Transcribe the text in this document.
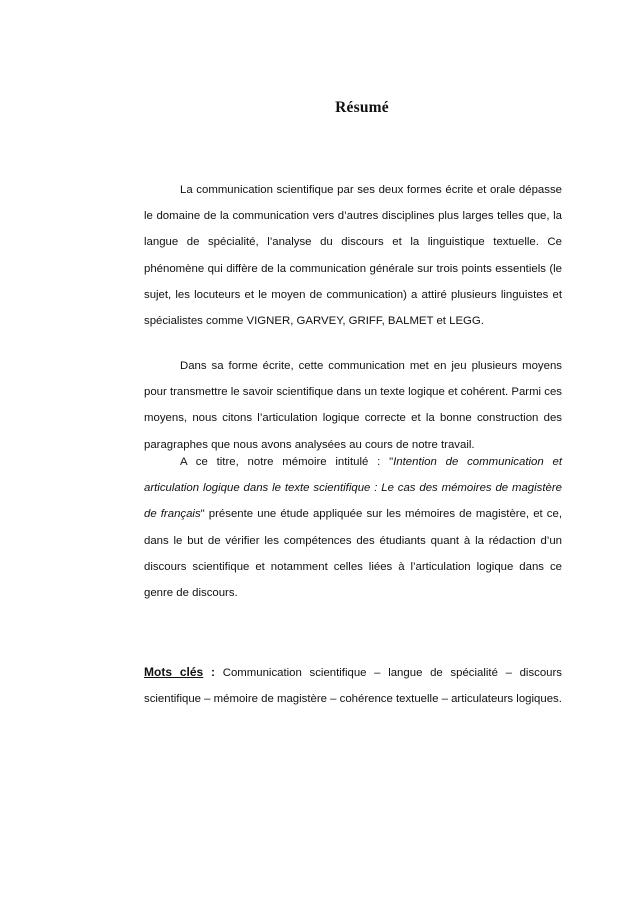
Résumé

La communication scientifique par ses deux formes écrite et orale dépasse le domaine de la communication vers d’autres disciplines plus larges telles que, la langue de spécialité, l’analyse du discours et la linguistique textuelle. Ce phénomène qui diffère de la communication générale sur trois points essentiels (le sujet, les locuteurs et le moyen de communication) a attiré plusieurs linguistes et spécialistes comme VIGNER, GARVEY, GRIFF, BALMET et LEGG.

Dans sa forme écrite, cette communication met en jeu plusieurs moyens pour transmettre le savoir scientifique dans un texte logique et cohérent. Parmi ces moyens, nous citons l’articulation logique correcte et la bonne construction des paragraphes que nous avons analysées au cours de notre travail.

A ce titre, notre mémoire intitulé : "Intention de communication et articulation logique dans le texte scientifique : Le cas des mémoires de magistère de français" présente une étude appliquée sur les mémoires de magistère, et ce, dans le but de vérifier les compétences des étudiants quant à la rédaction d’un discours scientifique et notamment celles liées à l’articulation logique dans ce genre de discours.

Mots clés : Communication scientifique – langue de spécialité – discours scientifique – mémoire de magistère – cohérence textuelle – articulateurs logiques.
